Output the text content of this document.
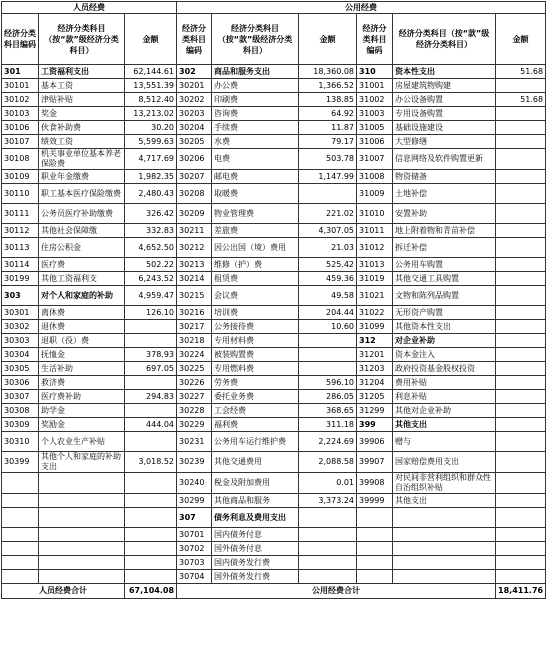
人员经费			公用经费					
经济分类科目编码	经济分类科目（按“款”级经济分类科目）	金额	经济分类科目编码	经济分类科目（按“款”级经济分类科目）	金额	经济分类科目编码	经济分类科目（按“款”级经济分类科目）	金额
301	工资福利支出	62,144.61	302	商品和服务支出	18,360.08	310	资本性支出	51.68
30101	基本工资	13,551.39	30201	办公费	1,366.52	31001	房屋建筑物购建	
30102	津贴补贴	8,512.40	30202	印刷费	138.85	31002	办公设备购置	51.68
30103	奖金	13,213.02	30203	咨询费	64.92	31003	专用设备购置	
30106	伙食补助费	30.20	30204	手续费	11.87	31005	基础设施建设	
30107	绩效工资	5,599.63	30205	水费	79.17	31006	大型修缮	
30108	机关事业单位基本养老保险费	4,717.69	30206	电费	503.78	31007	信息网络及软件购置更新	
30109	职业年金缴费	1,982.35	30207	邮电费	1,147.99	31008	物资储备	
30110	职工基本医疗保险缴费	2,480.43	30208	取暖费		31009	土地补偿	
30111	公务员医疗补助缴费	326.42	30209	物业管理费	221.02	31010	安置补助	
30112	其他社会保障缴	332.83	30211	差旅费	4,307.05	31011	地上附着物和青苗补偿	
30113	住房公积金	4,652.50	30212	因公出国（境）费用	21.03	31012	拆迁补偿	
30114	医疗费	502.22	30213	维修（护）费	525.42	31013	公务用车购置	
30199	其他工资福利支	6,243.52	30214	租赁费	459.36	31019	其他交通工具购置	
303	对个人和家庭的补助	4,959.47	30215	会议费	49.58	31021	文物和陈列品购置	
30301	离休费	126.10	30216	培训费	204.44	31022	无形资产购置	
30302	退休费		30217	公务接待费	10.60	31099	其他资本性支出	
30303	退职（役）费		30218	专用材料费		312	对企业补助	
30304	抚恤金	378.93	30224	被装购置费		31201	资本金注入	
30305	生活补助	697.05	30225	专用燃料费		31203	政府投资基金股权投资	
30306	救济费		30226	劳务费	596.10	31204	费用补贴	
30307	医疗费补助	294.83	30227	委托业务费	286.05	31205	利息补贴	
30308	助学金		30228	工会经费	368.65	31299	其他对企业补助	
30309	奖励金	444.04	30229	福利费	311.18	399	其他支出	
30310	个人农业生产补贴		30231	公务用车运行维护费	2,224.69	39906	赠与	
30399	其他个人和家庭的补助支出	3,018.52	30239	其他交通费用	2,088.58	39907	国家赔偿费用支出	
			30240	税金及附加费用	0.01	39908	对民间非营利组织和群众性自治组织补贴	
			30299	其他商品和服务	3,373.24	39999	其他支出	
			307	债务利息及费用支出				
			30701	国内债务付息				
			30702	国外债务付息				
			30703	国内债务发行费				
			30704	国外债务发行费				
人员经费合计		67,104.08	公用经费合计					18,411.76
